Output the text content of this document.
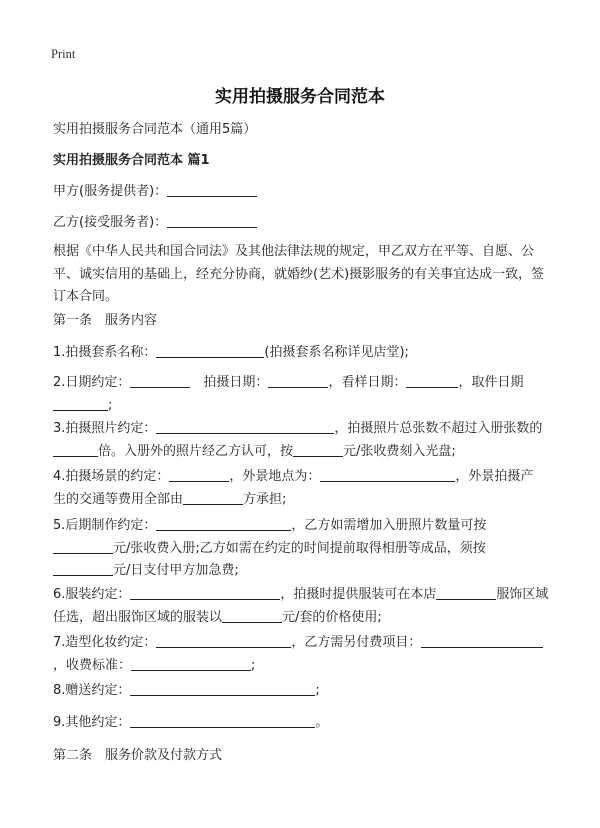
Print
实用拍摄服务合同范本
实用拍摄服务合同范本（通用5篇）
实用拍摄服务合同范本 篇1
甲方(服务提供者)：
乙方(接受服务者)：
根据《中华人民共和国合同法》及其他法律法规的规定，甲乙双方在平等、自愿、公平、诚实信用的基础上，经充分协商，就婚纱(艺术)摄影服务的有关事宜达成一致，签订本合同。
第一条　服务内容
1.拍摄套系名称：	(拍摄套系名称详见店堂);
2.日期约定：　	拍摄日期：	，看样日期：	，取件日期
;
3.拍摄照片约定：	，拍摄照片总张数不超过入册张数的
倍。入册外的照片经乙方认可，按	元/张收费刻入光盘;
4.拍摄场景的约定：	，外景地点为：	，外景拍摄产
生的交通等费用全部由	方承担;
5.后期制作约定：	，乙方如需增加入册照片数量可按
元/张收费入册;乙方如需在约定的时间提前取得相册等成品，须按
元/日支付甲方加急费;
6.服装约定：	，拍摄时提供服装可在本店	服饰区域
任选，超出服饰区域的服装以	元/套的价格使用;
7.造型化妆约定：	，乙方需另付费项目：
，收费标准：	;
8.赠送约定：	;
9.其他约定：	。
第二条　服务价款及付款方式
